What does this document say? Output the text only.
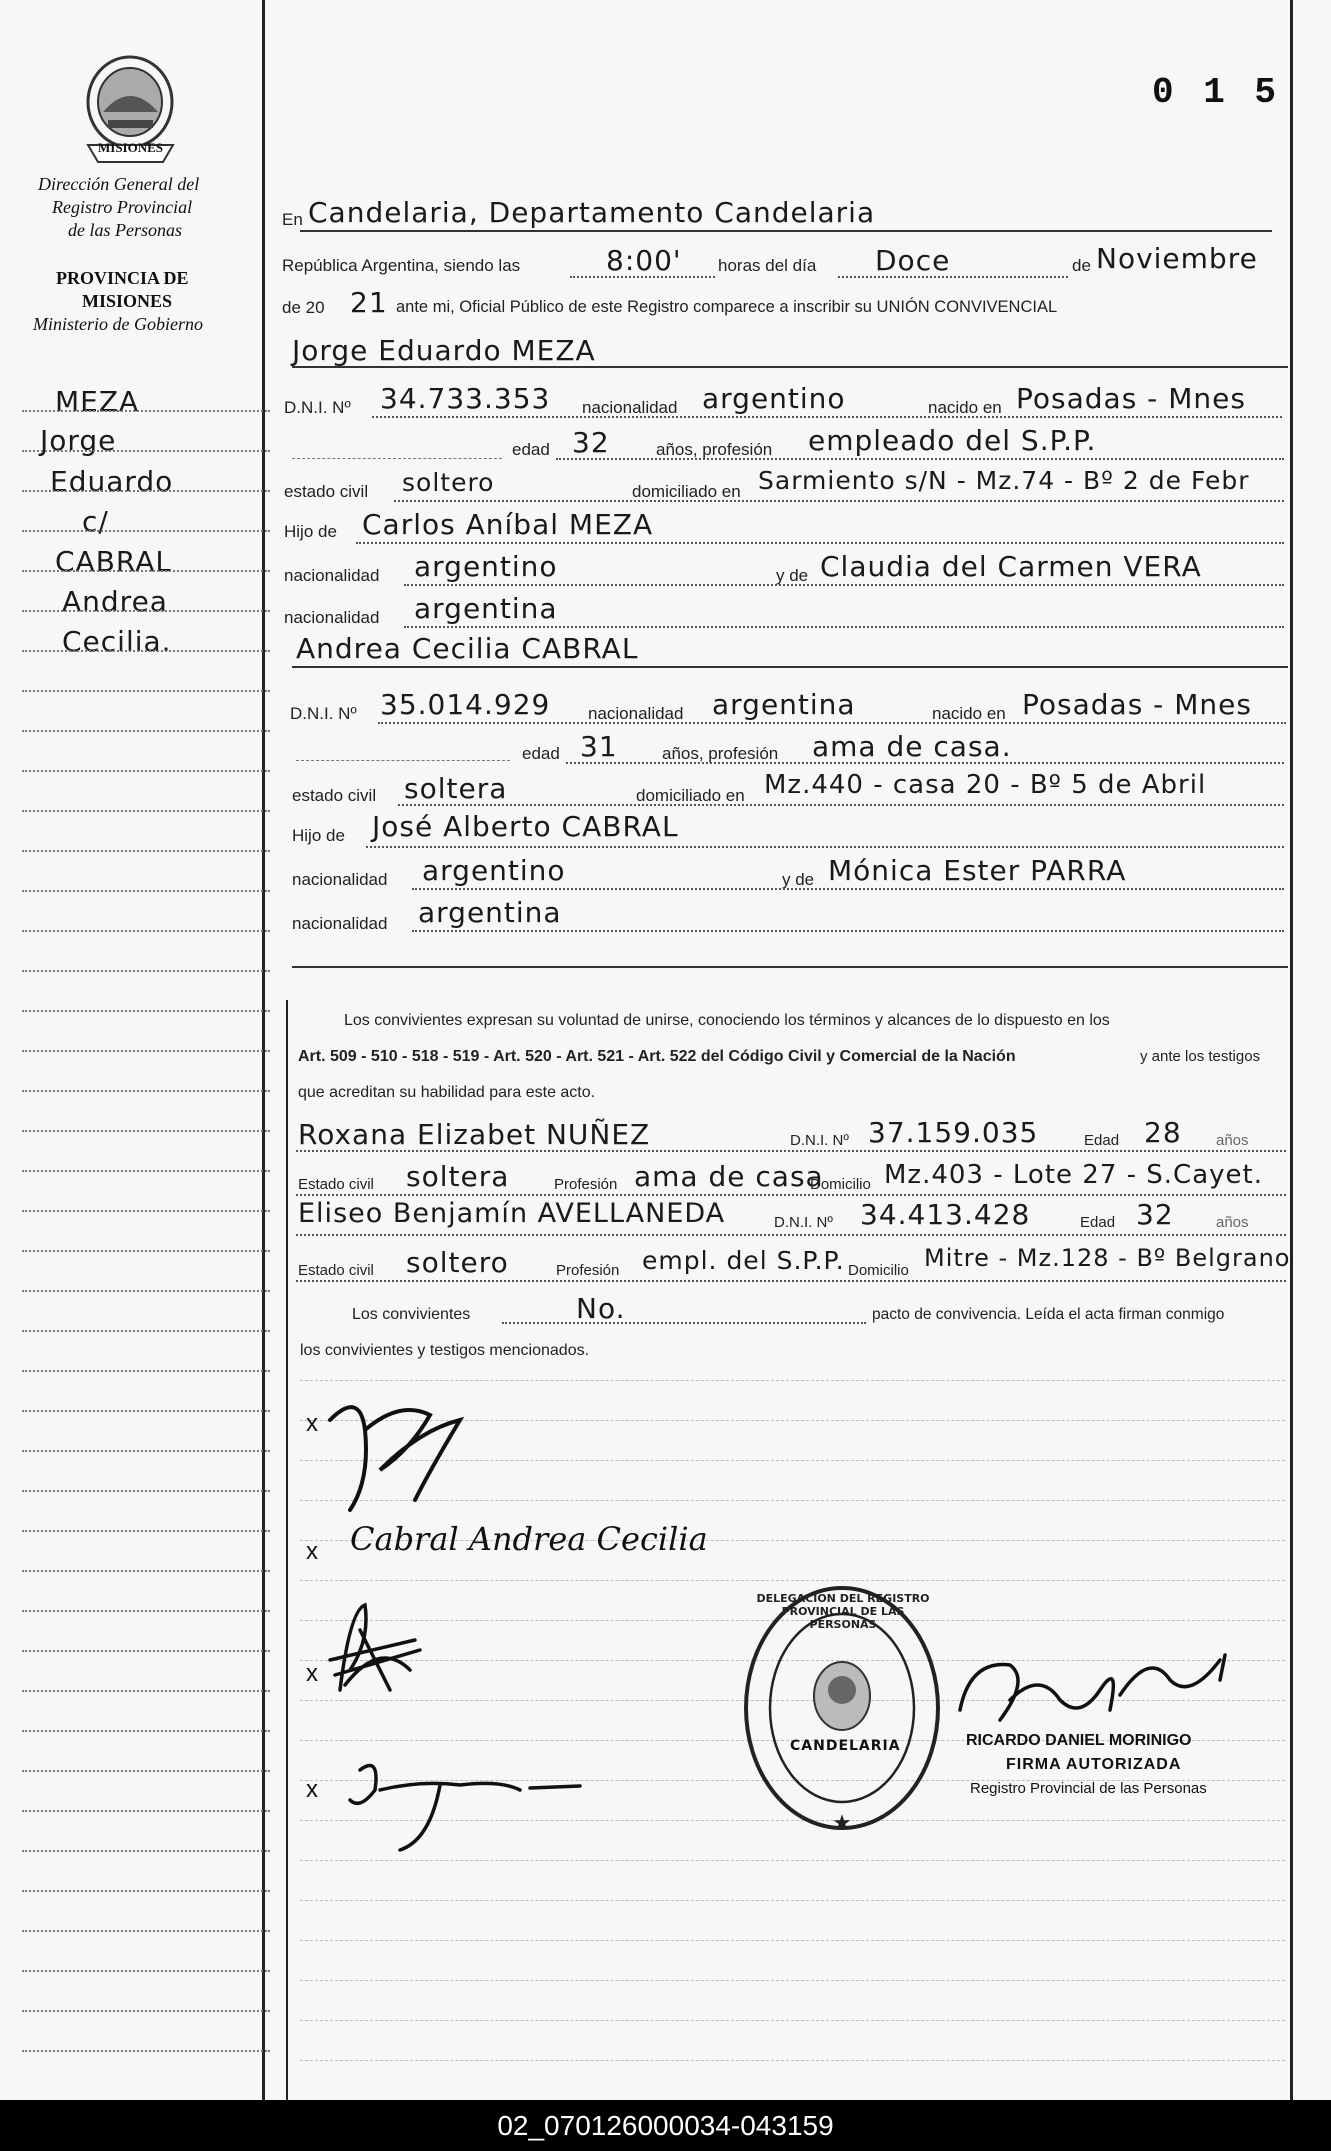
MISIONES
Dirección General del
Registro Provincial
de las Personas
PROVINCIA DE
MISIONES
Ministerio de Gobierno
0 1 5
MEZA
Jorge
Eduardo
c/
CABRAL
Andrea
Cecilia.
En Candelaria, Departamento Candelaria
República Argentina, siendo las	8:00' horas del día Doce	de Noviembre
de 20 21 ante mi, Oficial Público de este Registro comparece a inscribir su UNIÓN CONVIVENCIAL
Jorge Eduardo MEZA
D.N.I. Nº 34.733.353 nacionalidad argentino	nacido en Posadas - Mnes
edad 32	años, profesión empleado del S.P.P.
estado civil soltero	domiciliado en Sarmiento s/N - Mz.74 - Bº 2 de Febr
Hijo de Carlos Aníbal MEZA
nacionalidad argentino	y de Claudia del Carmen VERA
nacionalidad argentina
Andrea Cecilia CABRAL
D.N.I. Nº 35.014.929 nacionalidad argentina	nacido en Posadas - Mnes
edad 31	años, profesión ama de casa.
estado civil soltera	domiciliado en Mz.440 - casa 20 - Bº 5 de Abril
Hijo de José Alberto CABRAL
nacionalidad argentino	y de Mónica Ester PARRA
nacionalidad argentina
Los convivientes expresan su voluntad de unirse, conociendo los términos y alcances de lo dispuesto en los
Art. 509 - 510 - 518 - 519 - Art. 520 - Art. 521 - Art. 522 del Código Civil y Comercial de la Nación	y ante los testigos
que acreditan su habilidad para este acto.
Roxana Elizabet NUÑEZ	D.N.I. Nº 37.159.035	Edad 28 años
Estado civil soltera	Profesión ama de casa
Domicilio Mz.403 - Lote 27 - S.Cayet.
Eliseo Benjamín AVELLANEDA	D.N.I. Nº 34.413.428	Edad 32	años
Estado civil soltero	Profesión empl. del S.P.P. Domicilio Mitre - Mz.128 - Bº Belgrano
Los convivientes	No.	pacto de convivencia. Leída el acta firman conmigo
los convivientes y testigos mencionados.
x
x Cabral Andrea Cecilia
x
x
★
DELEGACION DEL REGISTRO PROVINCIAL DE LAS PERSONAS
CANDELARIA	RICARDO DANIEL MORINIGO
FIRMA AUTORIZADA
Registro Provincial de las Personas
02_070126000034-043159
